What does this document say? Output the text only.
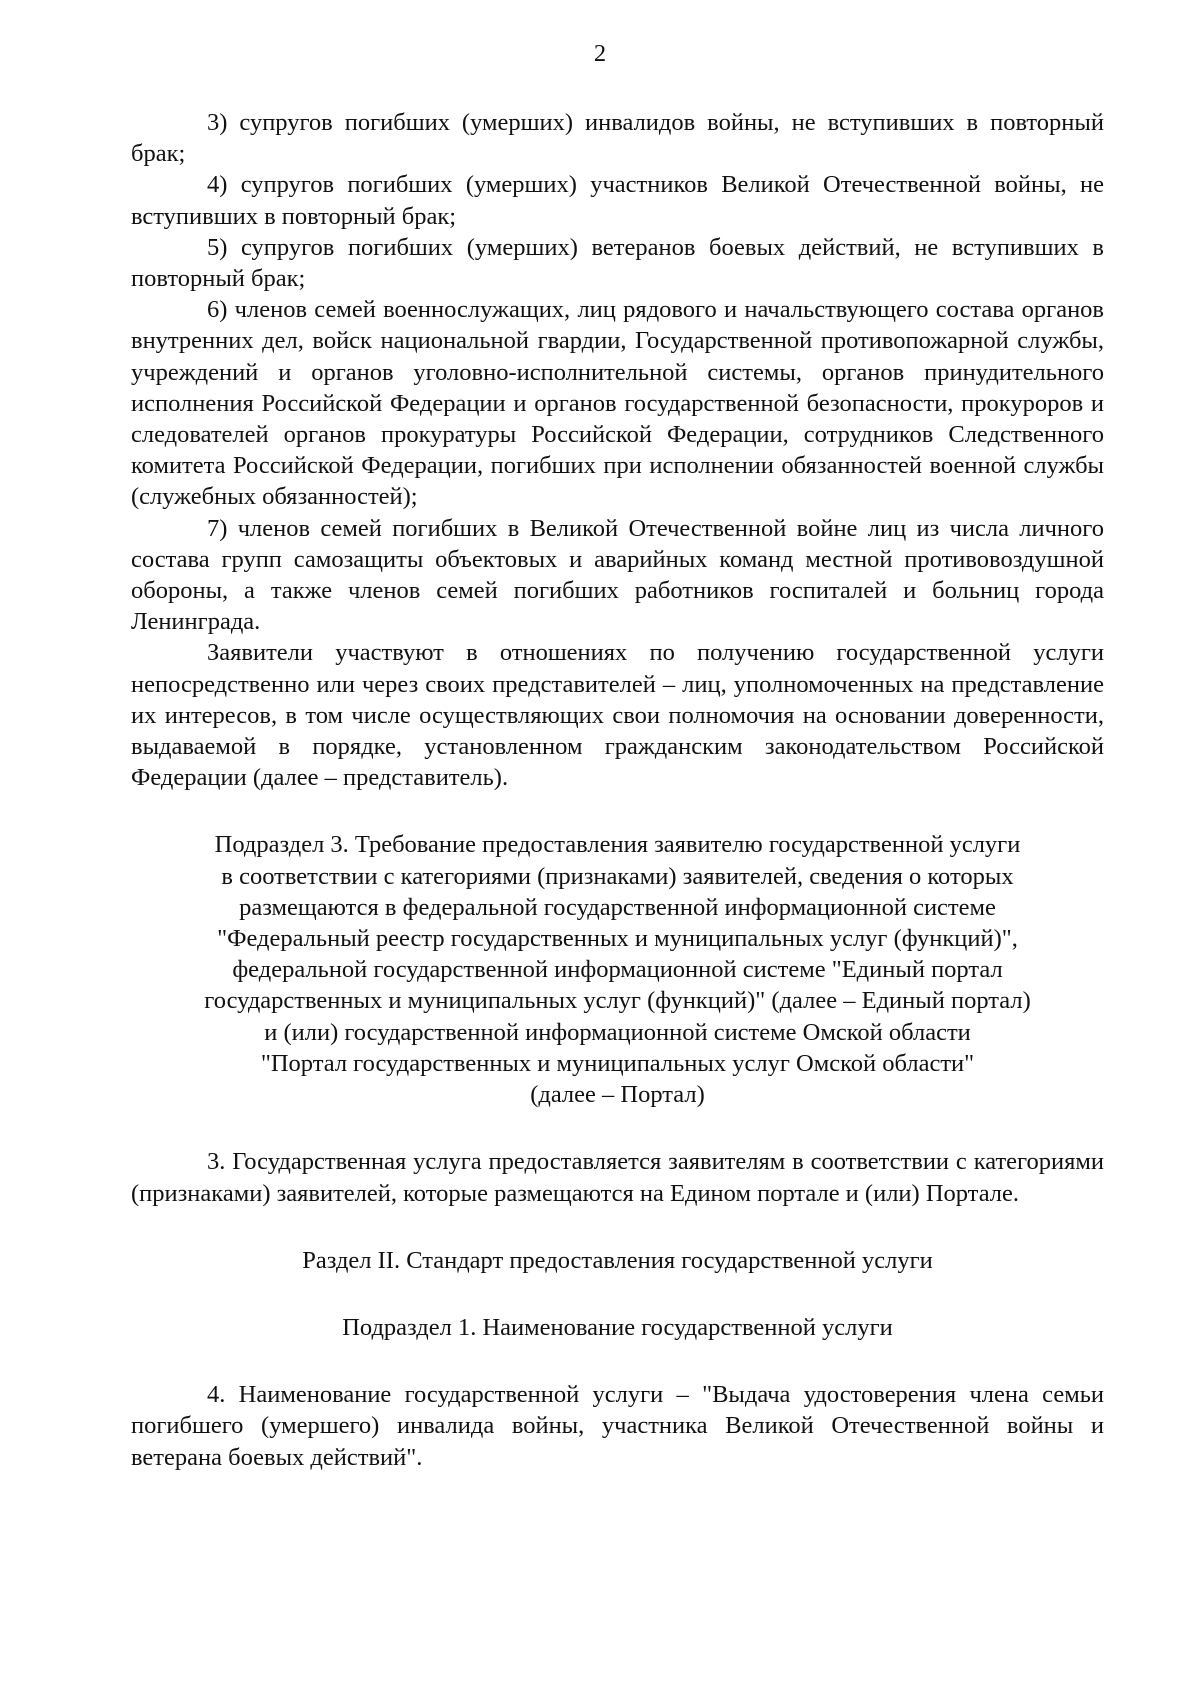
2

3) супругов погибших (умерших) инвалидов войны, не вступивших в повторный брак;

4) супругов погибших (умерших) участников Великой Отечественной войны, не вступивших в повторный брак;

5) супругов погибших (умерших) ветеранов боевых действий, не вступивших в повторный брак;

6) членов семей военнослужащих, лиц рядового и начальствующего состава органов внутренних дел, войск национальной гвардии, Государственной противопожарной службы, учреждений и органов уголовно-исполнительной системы, органов принудительного исполнения Российской Федерации и органов государственной безопасности, прокуроров и следователей органов прокуратуры Российской Федерации, сотрудников Следственного комитета Российской Федерации, погибших при исполнении обязанностей военной службы (служебных обязанностей);

7) членов семей погибших в Великой Отечественной войне лиц из числа личного состава групп самозащиты объектовых и аварийных команд местной противовоздушной обороны, а также членов семей погибших работников госпиталей и больниц города Ленинграда.

Заявители участвуют в отношениях по получению государственной услуги непосредственно или через своих представителей – лиц, уполномоченных на представление их интересов, в том числе осуществляющих свои полномочия на основании доверенности, выдаваемой в порядке, установленном гражданским законодательством Российской Федерации (далее – представитель).

Подраздел 3. Требование предоставления заявителю государственной услуги

в соответствии с категориями (признаками) заявителей, сведения о которых

размещаются в федеральной государственной информационной системе

"Федеральный реестр государственных и муниципальных услуг (функций)",

федеральной государственной информационной системе "Единый портал

государственных и муниципальных услуг (функций)" (далее – Единый портал)

и (или) государственной информационной системе Омской области

"Портал государственных и муниципальных услуг Омской области"

(далее – Портал)

3. Государственная услуга предоставляется заявителям в соответствии с категориями (признаками) заявителей, которые размещаются на Едином портале и (или) Портале.

Раздел II. Стандарт предоставления государственной услуги

Подраздел 1. Наименование государственной услуги

4. Наименование государственной услуги – "Выдача удостоверения члена семьи погибшего (умершего) инвалида войны, участника Великой Отечественной войны и ветерана боевых действий".
